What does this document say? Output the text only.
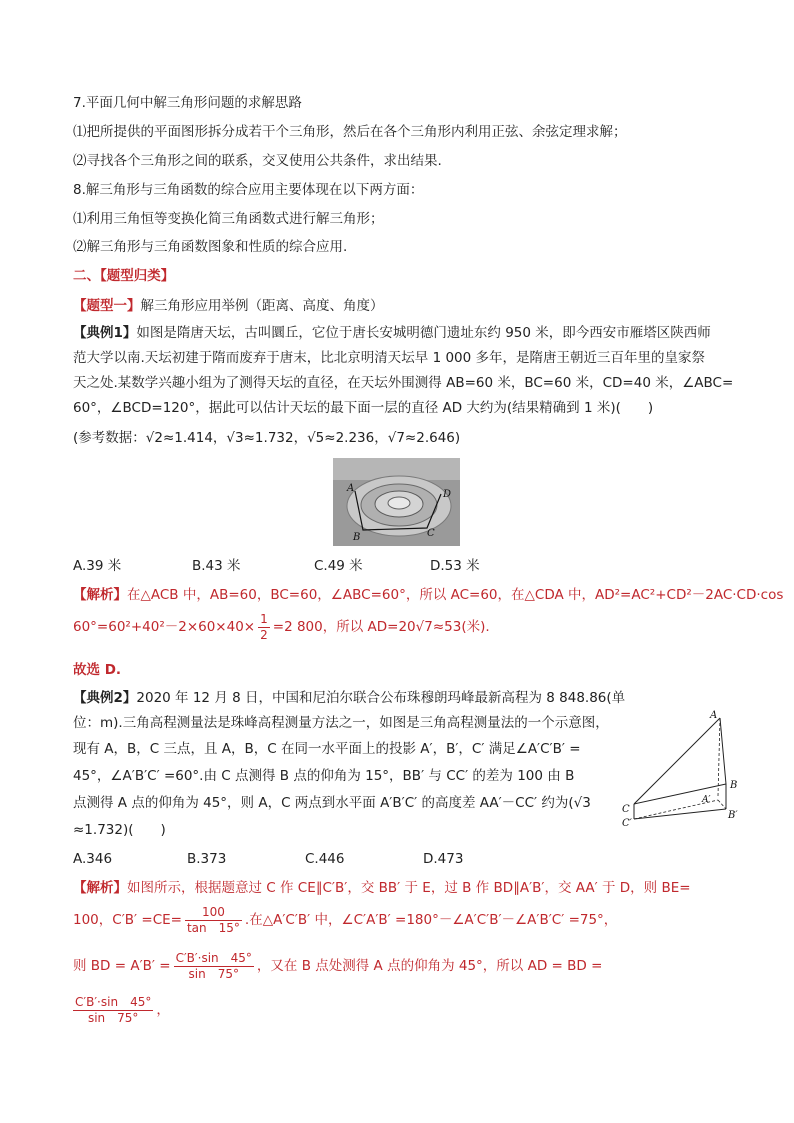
7.平面几何中解三角形问题的求解思路
⑴把所提供的平面图形拆分成若干个三角形，然后在各个三角形内利用正弦、余弦定理求解；
⑵寻找各个三角形之间的联系，交叉使用公共条件，求出结果.
8.解三角形与三角函数的综合应用主要体现在以下两方面：
⑴利用三角恒等变换化简三角函数式进行解三角形；
⑵解三角形与三角函数图象和性质的综合应用.
二、【题型归类】
【题型一】解三角形应用举例（距离、高度、角度）
【典例1】如图是隋唐天坛，古叫圜丘，它位于唐长安城明德门遗址东约 950 米，即今西安市雁塔区陕西师
范大学以南.天坛初建于隋而废弃于唐末，比北京明清天坛早 1 000 多年，是隋唐王朝近三百年里的皇家祭
天之处.某数学兴趣小组为了测得天坛的直径，在天坛外围测得 AB=60 米，BC=60 米，CD=40 米，∠ABC=
60°，∠BCD=120°，据此可以估计天坛的最下面一层的直径 AD 大约为(结果精确到 1 米)(　　)
(参考数据：√2≈1.414，√3≈1.732，√5≈2.236，√7≈2.646)
A
B	C
D
A.39 米	B.43 米	C.49 米	D.53 米
【解析】在△ACB 中，AB=60，BC=60，∠ABC=60°，所以 AC=60，在△CDA 中，AD²=AC²+CD²－2AC·CD·cos
$60^\circ=60^2+40^2-2\times 60\times 40\times \frac{1}{2} =2$ 800，所以 AD=20√7≈53(米).
故选 D.
【典例2】2020 年 12 月 8 日，中国和尼泊尔联合公布珠穆朗玛峰最新高程为 8 848.86(单
位：m).三角高程测量法是珠峰高程测量方法之一，如图是三角高程测量法的一个示意图，
现有 A，B，C 三点，且 A，B，C 在同一水平面上的投影 A′，B′，C′ 满足∠A′C′B′ =
45°，∠A′B′C′ =60°.由 C 点测得 B 点的仰角为 15°，BB′ 与 CC′ 的差为 100 由 B
点测得 A 点的仰角为 45°，则 A，C 两点到水平面 A′B′C′ 的高度差 AA′－CC′ 约为(√3
≈1.732)(　　)
A
B
C
A′
B′
C′
A.346	B.373	C.446	D.473
【解析】如图所示，根据题意过 C 作 CE∥C′B′，交 BB′ 于 E，过 B 作 BD∥A′B′，交 AA′ 于 D，则 BE=
100，$C'B' =CE= \frac{100}{\tan 15^\circ}$ .在△A′C′B′ 中，∠C′A′B′ =180°－∠A′C′B′－∠A′B′C′ =75°，
则 BD = $A'B' = \frac{C'B'\cdot\sin 45^\circ}{\sin 75^\circ}$ ，又在 B 点处测得 A 点的仰角为 45°，所以 AD = BD =
$\frac{C'B'\cdot\sin 45^\circ}{\sin 75^\circ}$ ，
